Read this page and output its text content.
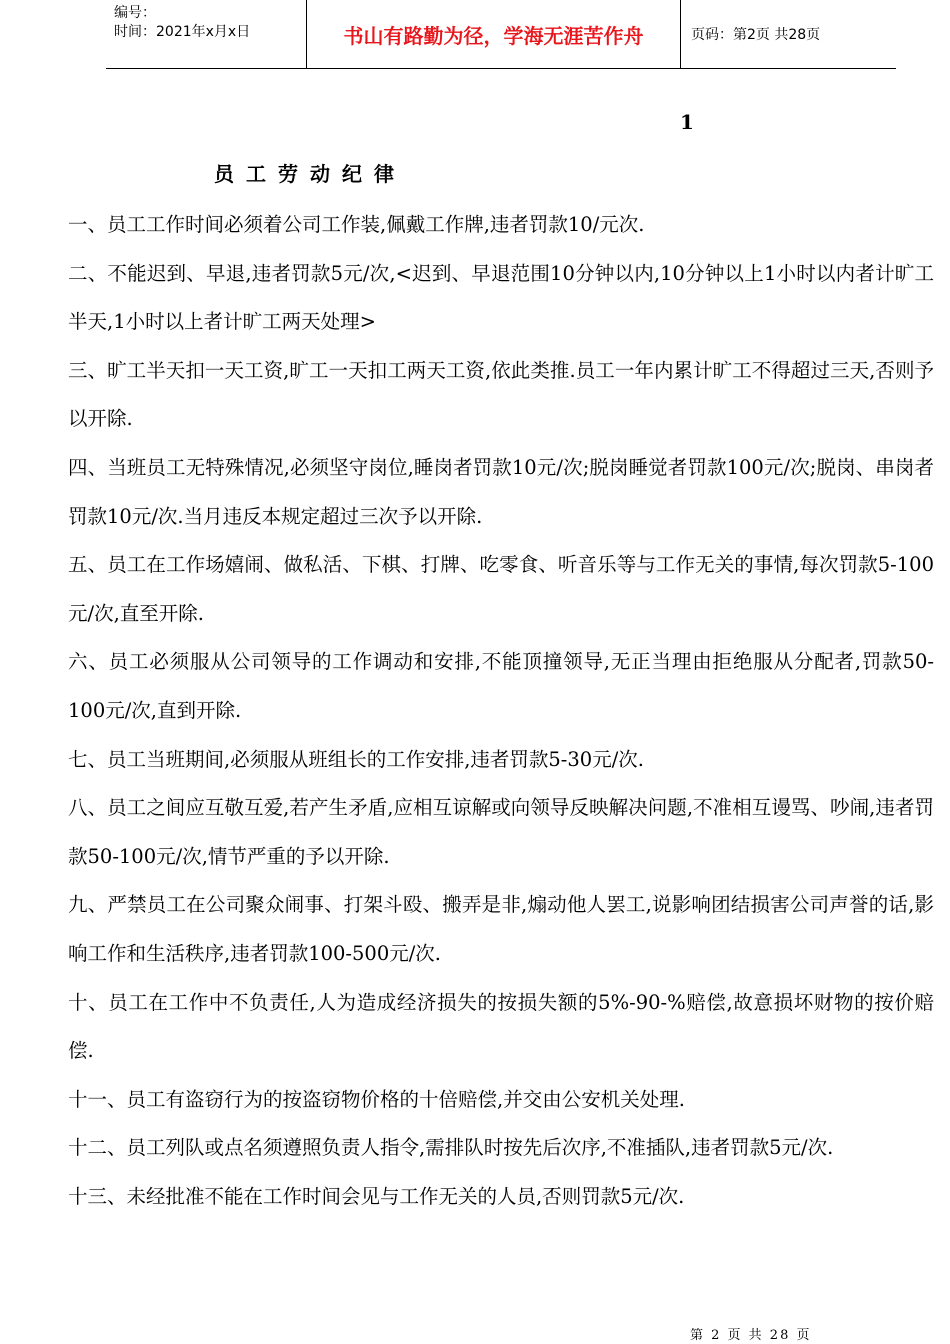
编号：
时间：2021年x月x日	书山有路勤为径，学海无涯苦作舟	页码：第2页 共28页
1
员工劳动纪律

一、员工工作时间必须着公司工作装,佩戴工作牌,违者罚款10/元次.

二、不能迟到、早退,违者罚款5元/次,<迟到、早退范围10分钟以内,10分钟以上1小时以内者计旷工半天,1小时以上者计旷工两天处理>

三、旷工半天扣一天工资,旷工一天扣工两天工资,依此类推.员工一年内累计旷工不得超过三天,否则予以开除.

四、当班员工无特殊情况,必须坚守岗位,睡岗者罚款10元/次;脱岗睡觉者罚款100元/次;脱岗、串岗者罚款10元/次.当月违反本规定超过三次予以开除.

五、员工在工作场嬉闹、做私活、下棋、打牌、吃零食、听音乐等与工作无关的事情,每次罚款5-100元/次,直至开除.

六、员工必须服从公司领导的工作调动和安排,不能顶撞领导,无正当理由拒绝服从分配者,罚款50-100元/次,直到开除.

七、员工当班期间,必须服从班组长的工作安排,违者罚款5-30元/次.

八、员工之间应互敬互爱,若产生矛盾,应相互谅解或向领导反映解决问题,不准相互谩骂、吵闹,违者罚款50-100元/次,情节严重的予以开除.

九、严禁员工在公司聚众闹事、打架斗殴、搬弄是非,煽动他人罢工,说影响团结损害公司声誉的话,影响工作和生活秩序,违者罚款100-500元/次.

十、员工在工作中不负责任,人为造成经济损失的按损失额的5%-90-%赔偿,故意损坏财物的按价赔偿.

十一、员工有盗窃行为的按盗窃物价格的十倍赔偿,并交由公安机关处理.

十二、员工列队或点名须遵照负责人指令,需排队时按先后次序,不准插队,违者罚款5元/次.

十三、未经批准不能在工作时间会见与工作无关的人员,否则罚款5元/次.

第 2 页 共 28 页
